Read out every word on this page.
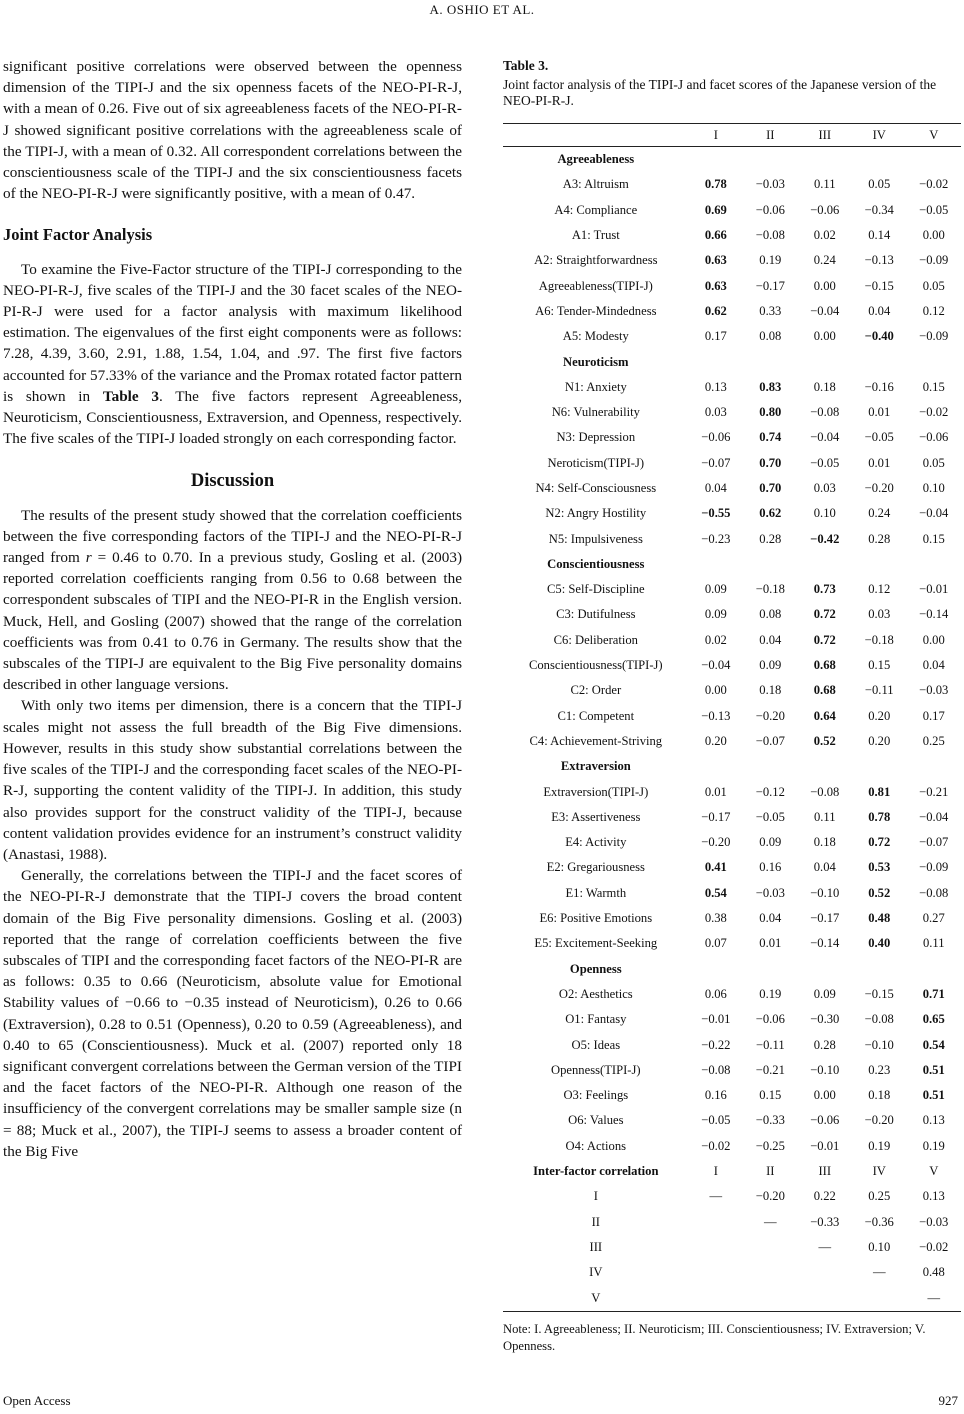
A. OSHIO ET AL.

significant positive correlations were observed between the openness dimension of the TIPI-J and the six openness facets of the NEO-PI-R-J, with a mean of 0.26. Five out of six agreeableness facets of the NEO-PI-R-J showed significant positive correlations with the agreeableness scale of the TIPI-J, with a mean of 0.32. All correspondent correlations between the conscientiousness scale of the TIPI-J and the six conscientiousness facets of the NEO-PI-R-J were significantly positive, with a mean of 0.47.

Joint Factor Analysis

To examine the Five-Factor structure of the TIPI-J corresponding to the NEO-PI-R-J, five scales of the TIPI-J and the 30 facet scales of the NEO-PI-R-J were used for a factor analysis with maximum likelihood estimation. The eigenvalues of the first eight components were as follows: 7.28, 4.39, 3.60, 2.91, 1.88, 1.54, 1.04, and .97. The first five factors accounted for 57.33% of the variance and the Promax rotated factor pattern is shown in Table 3. The five factors represent Agreeableness, Neuroticism, Conscientiousness, Extraversion, and Openness, respectively. The five scales of the TIPI-J loaded strongly on each corresponding factor.

Discussion

The results of the present study showed that the correlation coefficients between the five corresponding factors of the TIPI-J and the NEO-PI-R-J ranged from r = 0.46 to 0.70. In a previous study, Gosling et al. (2003) reported correlation coefficients ranging from 0.56 to 0.68 between the correspondent subscales of TIPI and the NEO-PI-R in the English version. Muck, Hell, and Gosling (2007) showed that the range of the correlation coefficients was from 0.41 to 0.76 in Germany. The results show that the subscales of the TIPI-J are equivalent to the Big Five personality domains described in other language versions.

With only two items per dimension, there is a concern that the TIPI-J scales might not assess the full breadth of the Big Five dimensions. However, results in this study show substantial correlations between the five scales of the TIPI-J and the corresponding facet scales of the NEO-PI-R-J, supporting the content validity of the TIPI-J. In addition, this study also provides support for the construct validity of the TIPI-J, because content validation provides evidence for an instrument’s construct validity (Anastasi, 1988).

Generally, the correlations between the TIPI-J and the facet scores of the NEO-PI-R-J demonstrate that the TIPI-J covers the broad content domain of the Big Five personality dimensions. Gosling et al. (2003) reported that the range of correlation coefficients between the five subscales of TIPI and the corresponding facet factors of the NEO-PI-R are as follows: 0.35 to 0.66 (Neuroticism, absolute value for Emotional Stability values of −0.66 to −0.35 instead of Neuroticism), 0.26 to 0.66 (Extraversion), 0.28 to 0.51 (Openness), 0.20 to 0.59 (Agreeableness), and 0.40 to 65 (Conscientiousness). Muck et al. (2007) reported only 18 significant convergent correlations between the German version of the TIPI and the facet factors of the NEO-PI-R. Although one reason of the insufficiency of the convergent correlations may be smaller sample size (n = 88; Muck et al., 2007), the TIPI-J seems to assess a broader content of the Big Five

Table 3.
Joint factor analysis of the TIPI-J and facet scores of the Japanese version of the NEO-PI-R-J.
	I	II	III	IV	V
Agreeableness					
A3: Altruism	0.78	−0.03	0.11	0.05	−0.02
A4: Compliance	0.69	−0.06	−0.06	−0.34	−0.05
A1: Trust	0.66	−0.08	0.02	0.14	0.00
A2: Straightforwardness	0.63	0.19	0.24	−0.13	−0.09
Agreeableness(TIPI-J)	0.63	−0.17	0.00	−0.15	0.05
A6: Tender-Mindedness	0.62	0.33	−0.04	0.04	0.12
A5: Modesty	0.17	0.08	0.00	−0.40	−0.09
Neuroticism					
N1: Anxiety	0.13	0.83	0.18	−0.16	0.15
N6: Vulnerability	0.03	0.80	−0.08	0.01	−0.02
N3: Depression	−0.06	0.74	−0.04	−0.05	−0.06
Neroticism(TIPI-J)	−0.07	0.70	−0.05	0.01	0.05
N4: Self-Consciousness	0.04	0.70	0.03	−0.20	0.10
N2: Angry Hostility	−0.55	0.62	0.10	0.24	−0.04
N5: Impulsiveness	−0.23	0.28	−0.42	0.28	0.15
Conscientiousness					
C5: Self-Discipline	0.09	−0.18	0.73	0.12	−0.01
C3: Dutifulness	0.09	0.08	0.72	0.03	−0.14
C6: Deliberation	0.02	0.04	0.72	−0.18	0.00
Conscientiousness(TIPI-J)	−0.04	0.09	0.68	0.15	0.04
C2: Order	0.00	0.18	0.68	−0.11	−0.03
C1: Competent	−0.13	−0.20	0.64	0.20	0.17
C4: Achievement-Striving	0.20	−0.07	0.52	0.20	0.25
Extraversion					
Extraversion(TIPI-J)	0.01	−0.12	−0.08	0.81	−0.21
E3: Assertiveness	−0.17	−0.05	0.11	0.78	−0.04
E4: Activity	−0.20	0.09	0.18	0.72	−0.07
E2: Gregariousness	0.41	0.16	0.04	0.53	−0.09
E1: Warmth	0.54	−0.03	−0.10	0.52	−0.08
E6: Positive Emotions	0.38	0.04	−0.17	0.48	0.27
E5: Excitement-Seeking	0.07	0.01	−0.14	0.40	0.11
Openness					
O2: Aesthetics	0.06	0.19	0.09	−0.15	0.71
O1: Fantasy	−0.01	−0.06	−0.30	−0.08	0.65
O5: Ideas	−0.22	−0.11	0.28	−0.10	0.54
Openness(TIPI-J)	−0.08	−0.21	−0.10	0.23	0.51
O3: Feelings	0.16	0.15	0.00	0.18	0.51
O6: Values	−0.05	−0.33	−0.06	−0.20	0.13
O4: Actions	−0.02	−0.25	−0.01	0.19	0.19
Inter-factor correlation	I	II	III	IV	V
I	—	−0.20	0.22	0.25	0.13
II		—	−0.33	−0.36	−0.03
III			—	0.10	−0.02
IV				—	0.48
V					—
Note: I. Agreeableness; II. Neuroticism; III. Conscientiousness; IV. Extraversion; V. Openness.
Open Access	927
